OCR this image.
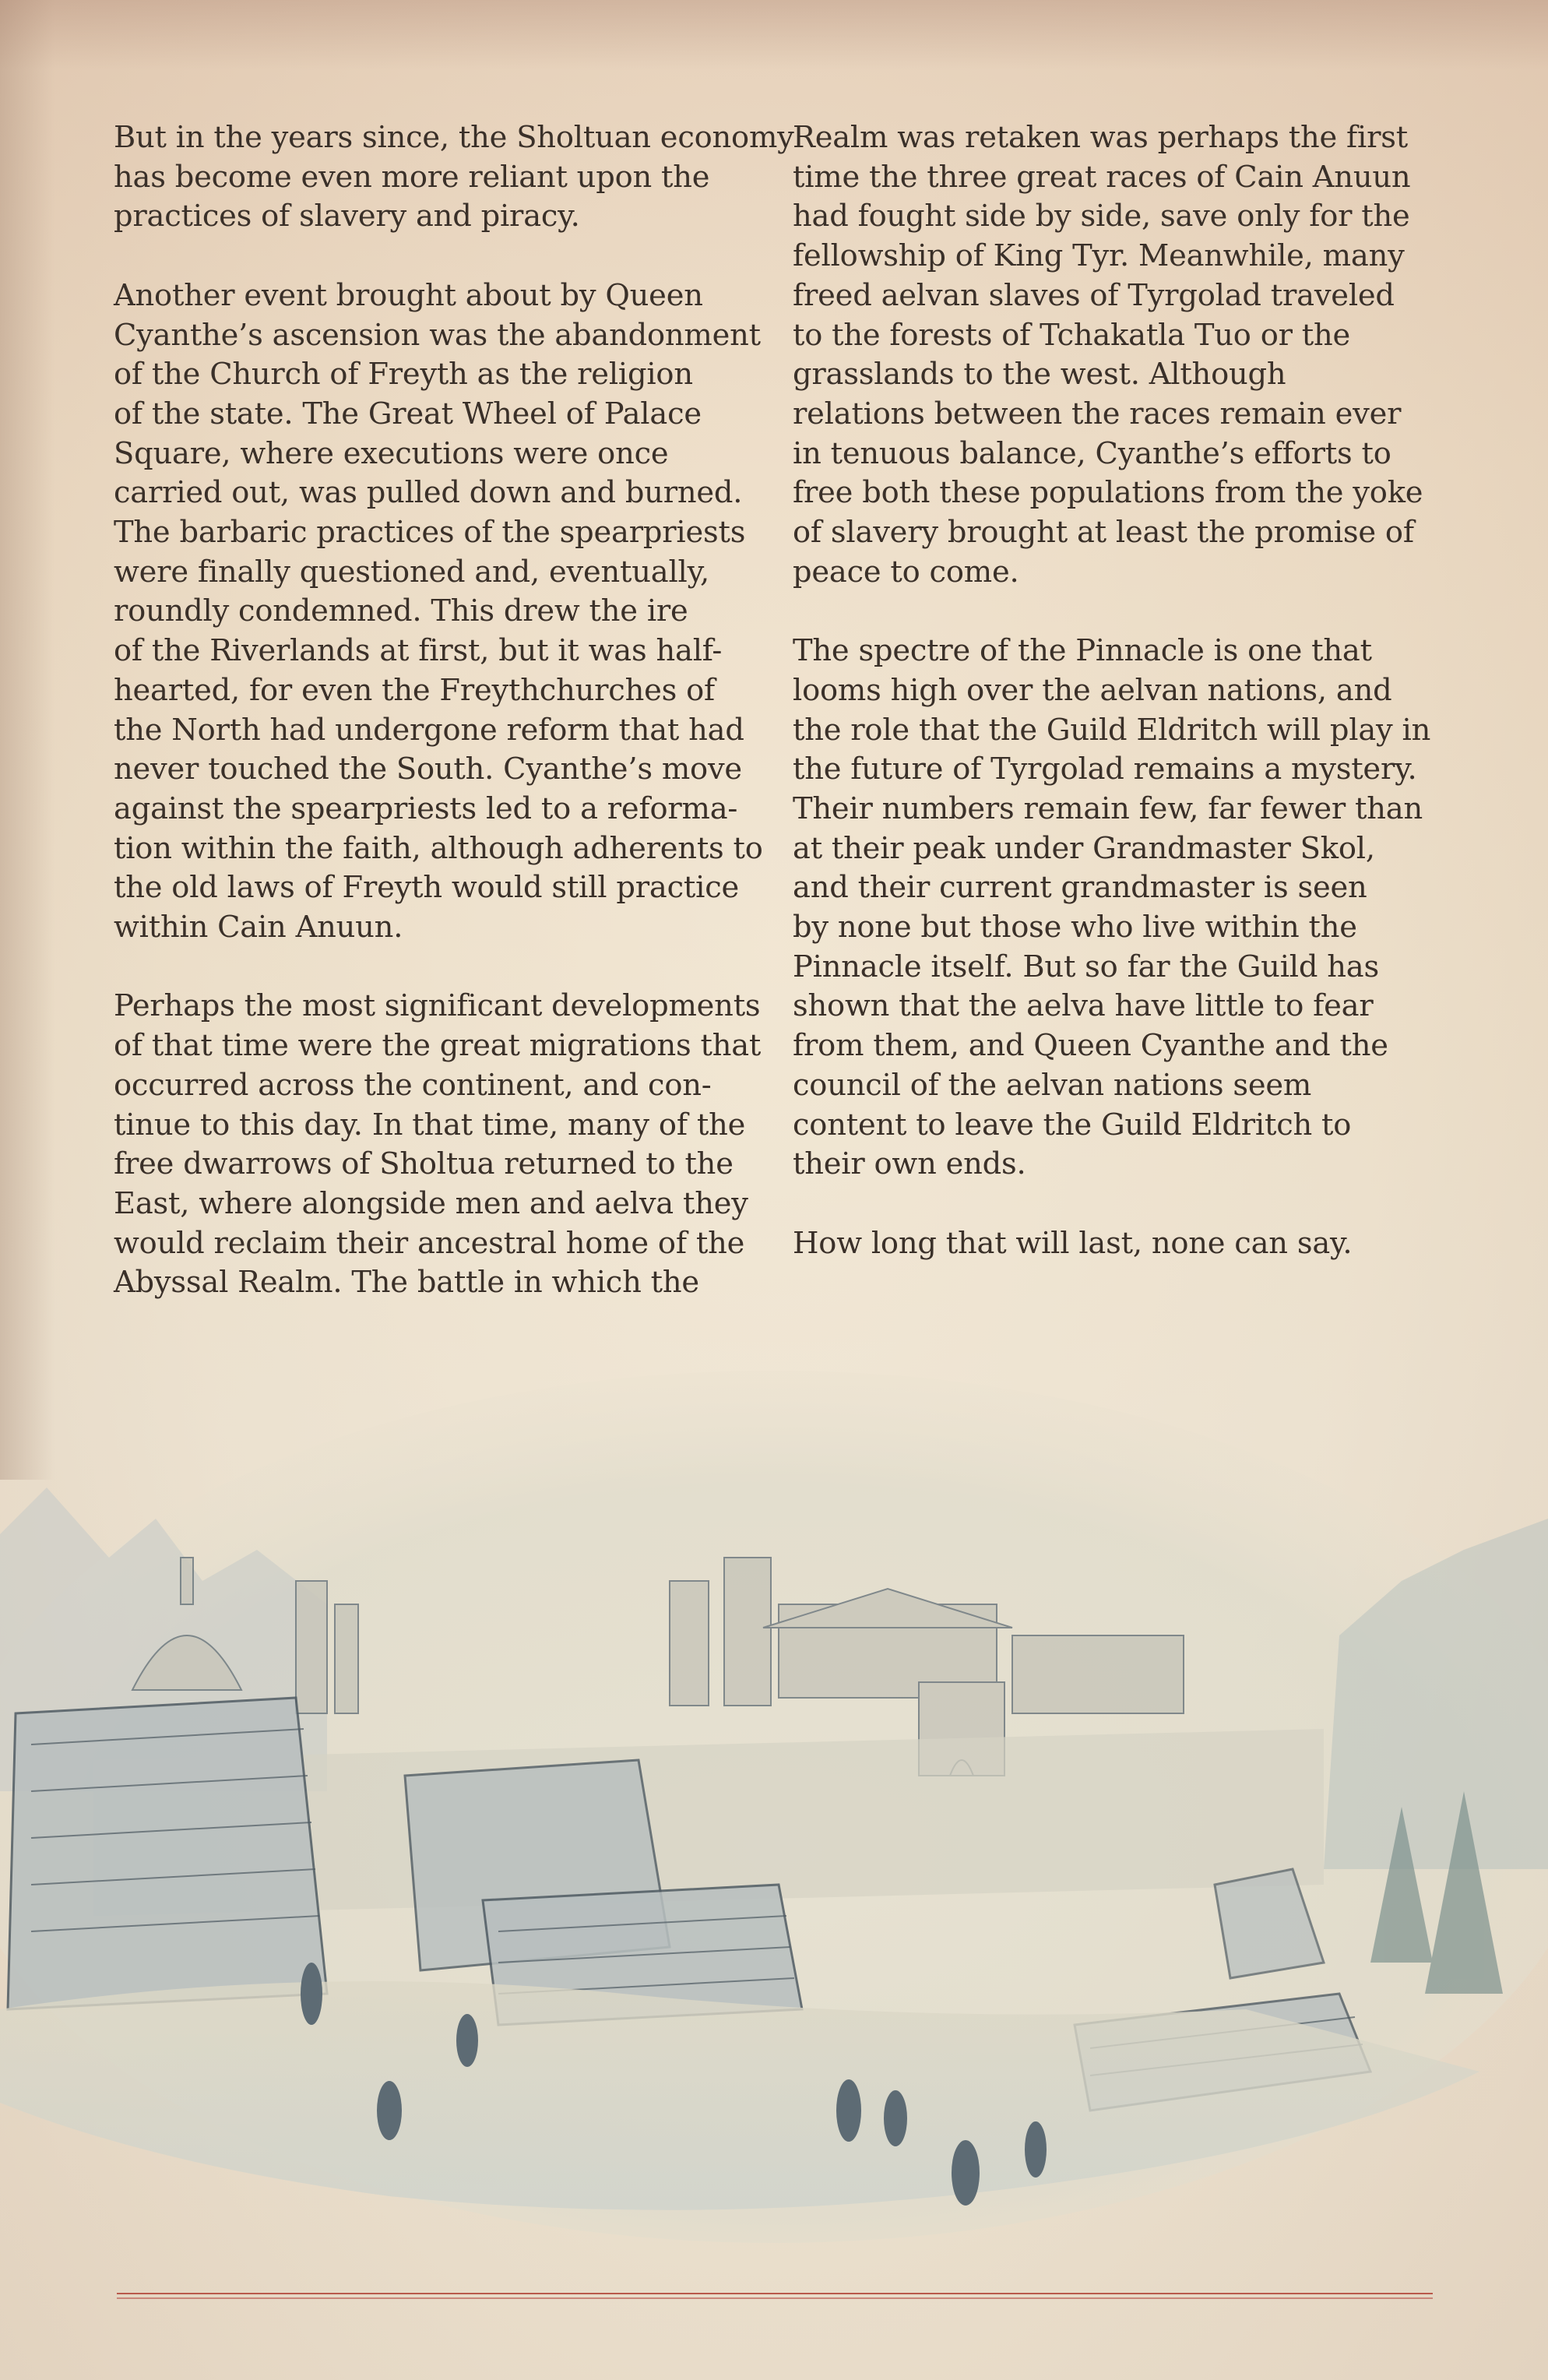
But in the years since, the Sholtuan economy
has become even more reliant upon the
practices of slavery and piracy.

Another event brought about by Queen
Cyanthe’s ascension was the abandonment
of the Church of Freyth as the religion
of the state. The Great Wheel of Palace
Square, where executions were once
carried out, was pulled down and burned.
The barbaric practices of the spearpriests
were finally questioned and, eventually,
roundly condemned. This drew the ire
of the Riverlands at first, but it was half-
hearted, for even the Freythchurches of
the North had undergone reform that had
never touched the South. Cyanthe’s move
against the spearpriests led to a reforma-
tion within the faith, although adherents to
the old laws of Freyth would still practice
within Cain Anuun.

Perhaps the most significant developments
of that time were the great migrations that
occurred across the continent, and con-
tinue to this day. In that time, many of the
free dwarrows of Sholtua returned to the
East, where alongside men and aelva they
would reclaim their ancestral home of the
Abyssal Realm. The battle in which the

Realm was retaken was perhaps the first
time the three great races of Cain Anuun
had fought side by side, save only for the
fellowship of King Tyr. Meanwhile, many
freed aelvan slaves of Tyrgolad traveled
to the forests of Tchakatla Tuo or the
grasslands to the west. Although
relations between the races remain ever
in tenuous balance, Cyanthe’s efforts to
free both these populations from the yoke
of slavery brought at least the promise of
peace to come.

The spectre of the Pinnacle is one that
looms high over the aelvan nations, and
the role that the Guild Eldritch will play in
the future of Tyrgolad remains a mystery.
Their numbers remain few, far fewer than
at their peak under Grandmaster Skol,
and their current grandmaster is seen
by none but those who live within the
Pinnacle itself. But so far the Guild has
shown that the aelva have little to fear
from them, and Queen Cyanthe and the
council of the aelvan nations seem
content to leave the Guild Eldritch to
their own ends.

How long that will last, none can say.
